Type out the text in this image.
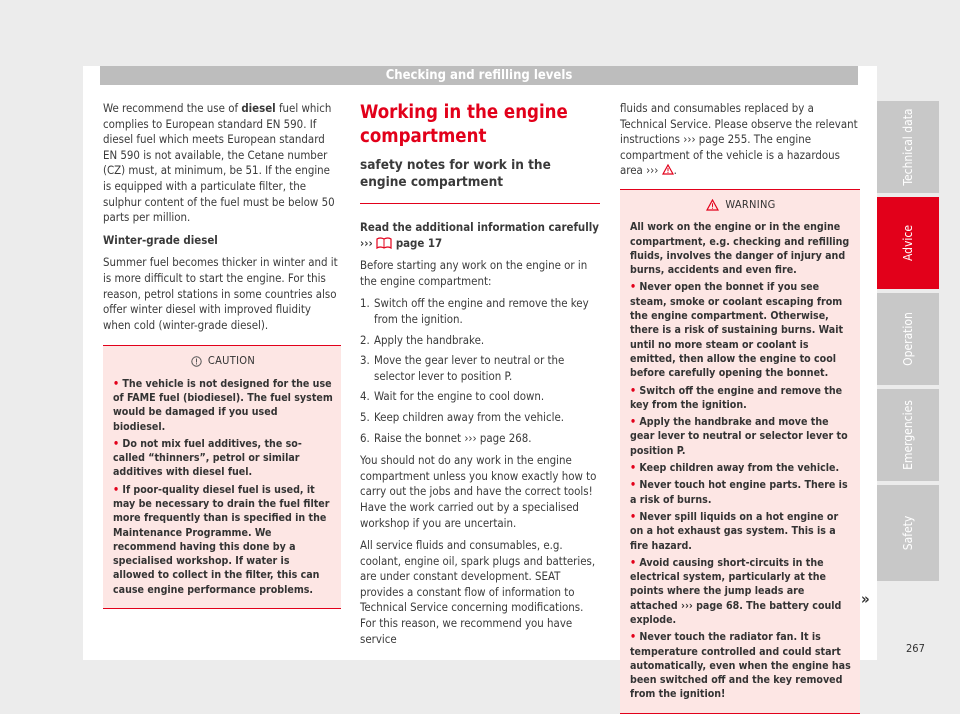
Checking and refilling levels

We recommend the use of diesel fuel which complies to European standard EN 590. If diesel fuel which meets European standard EN 590 is not available, the Cetane number (CZ) must, at minimum, be 51. If the engine is equipped with a particulate filter, the sulphur content of the fuel must be below 50 parts per million.

Winter-grade diesel

Summer fuel becomes thicker in winter and it is more difficult to start the engine. For this reason, petrol stations in some countries also offer winter diesel with improved fluidity when cold (winter-grade diesel).

CAUTION

• The vehicle is not designed for the use of FAME fuel (biodiesel). The fuel system would be damaged if you used biodiesel.

• Do not mix fuel additives, the so-called “thinners”, petrol or similar additives with diesel fuel.

• If poor-quality diesel fuel is used, it may be necessary to drain the fuel filter more frequently than is specified in the Maintenance Programme. We recommend having this done by a specialised workshop. If water is allowed to collect in the filter, this can cause engine performance problems.

Working in the engine compartment
safety notes for work in the engine compartment

Read the additional information carefully
›››  page 17

Before starting any work on the engine or in the engine compartment:

1. Switch off the engine and remove the key from the ignition.
2. Apply the handbrake.
3. Move the gear lever to neutral or the selector lever to position P.
4. Wait for the engine to cool down.
5. Keep children away from the vehicle.
6. Raise the bonnet ››› page 268.

You should not do any work in the engine compartment unless you know exactly how to carry out the jobs and have the correct tools! Have the work carried out by a specialised workshop if you are uncertain.

All service fluids and consumables, e.g. coolant, engine oil, spark plugs and batteries, are under constant development. SEAT provides a constant flow of information to Technical Service concerning modifications. For this reason, we recommend you have service

fluids and consumables replaced by a Technical Service. Please observe the relevant instructions ››› page 255. The engine compartment of the vehicle is a hazardous area ››› .

WARNING

All work on the engine or in the engine compartment, e.g. checking and refilling fluids, involves the danger of injury and burns, accidents and even fire.

• Never open the bonnet if you see steam, smoke or coolant escaping from the engine compartment. Otherwise, there is a risk of sustaining burns. Wait until no more steam or coolant is emitted, then allow the engine to cool before carefully opening the bonnet.

• Switch off the engine and remove the key from the ignition.

• Apply the handbrake and move the gear lever to neutral or selector lever to position P.

• Keep children away from the vehicle.

• Never touch hot engine parts. There is a risk of burns.

• Never spill liquids on a hot engine or on a hot exhaust gas system. This is a fire hazard.

• Avoid causing short-circuits in the electrical system, particularly at the points where the jump leads are attached ››› page 68. The battery could explode.

• Never touch the radiator fan. It is temperature controlled and could start automatically, even when the engine has been switched off and the key removed from the ignition!

»
Technical data
Advice
Operation
Emergencies
Safety
267
